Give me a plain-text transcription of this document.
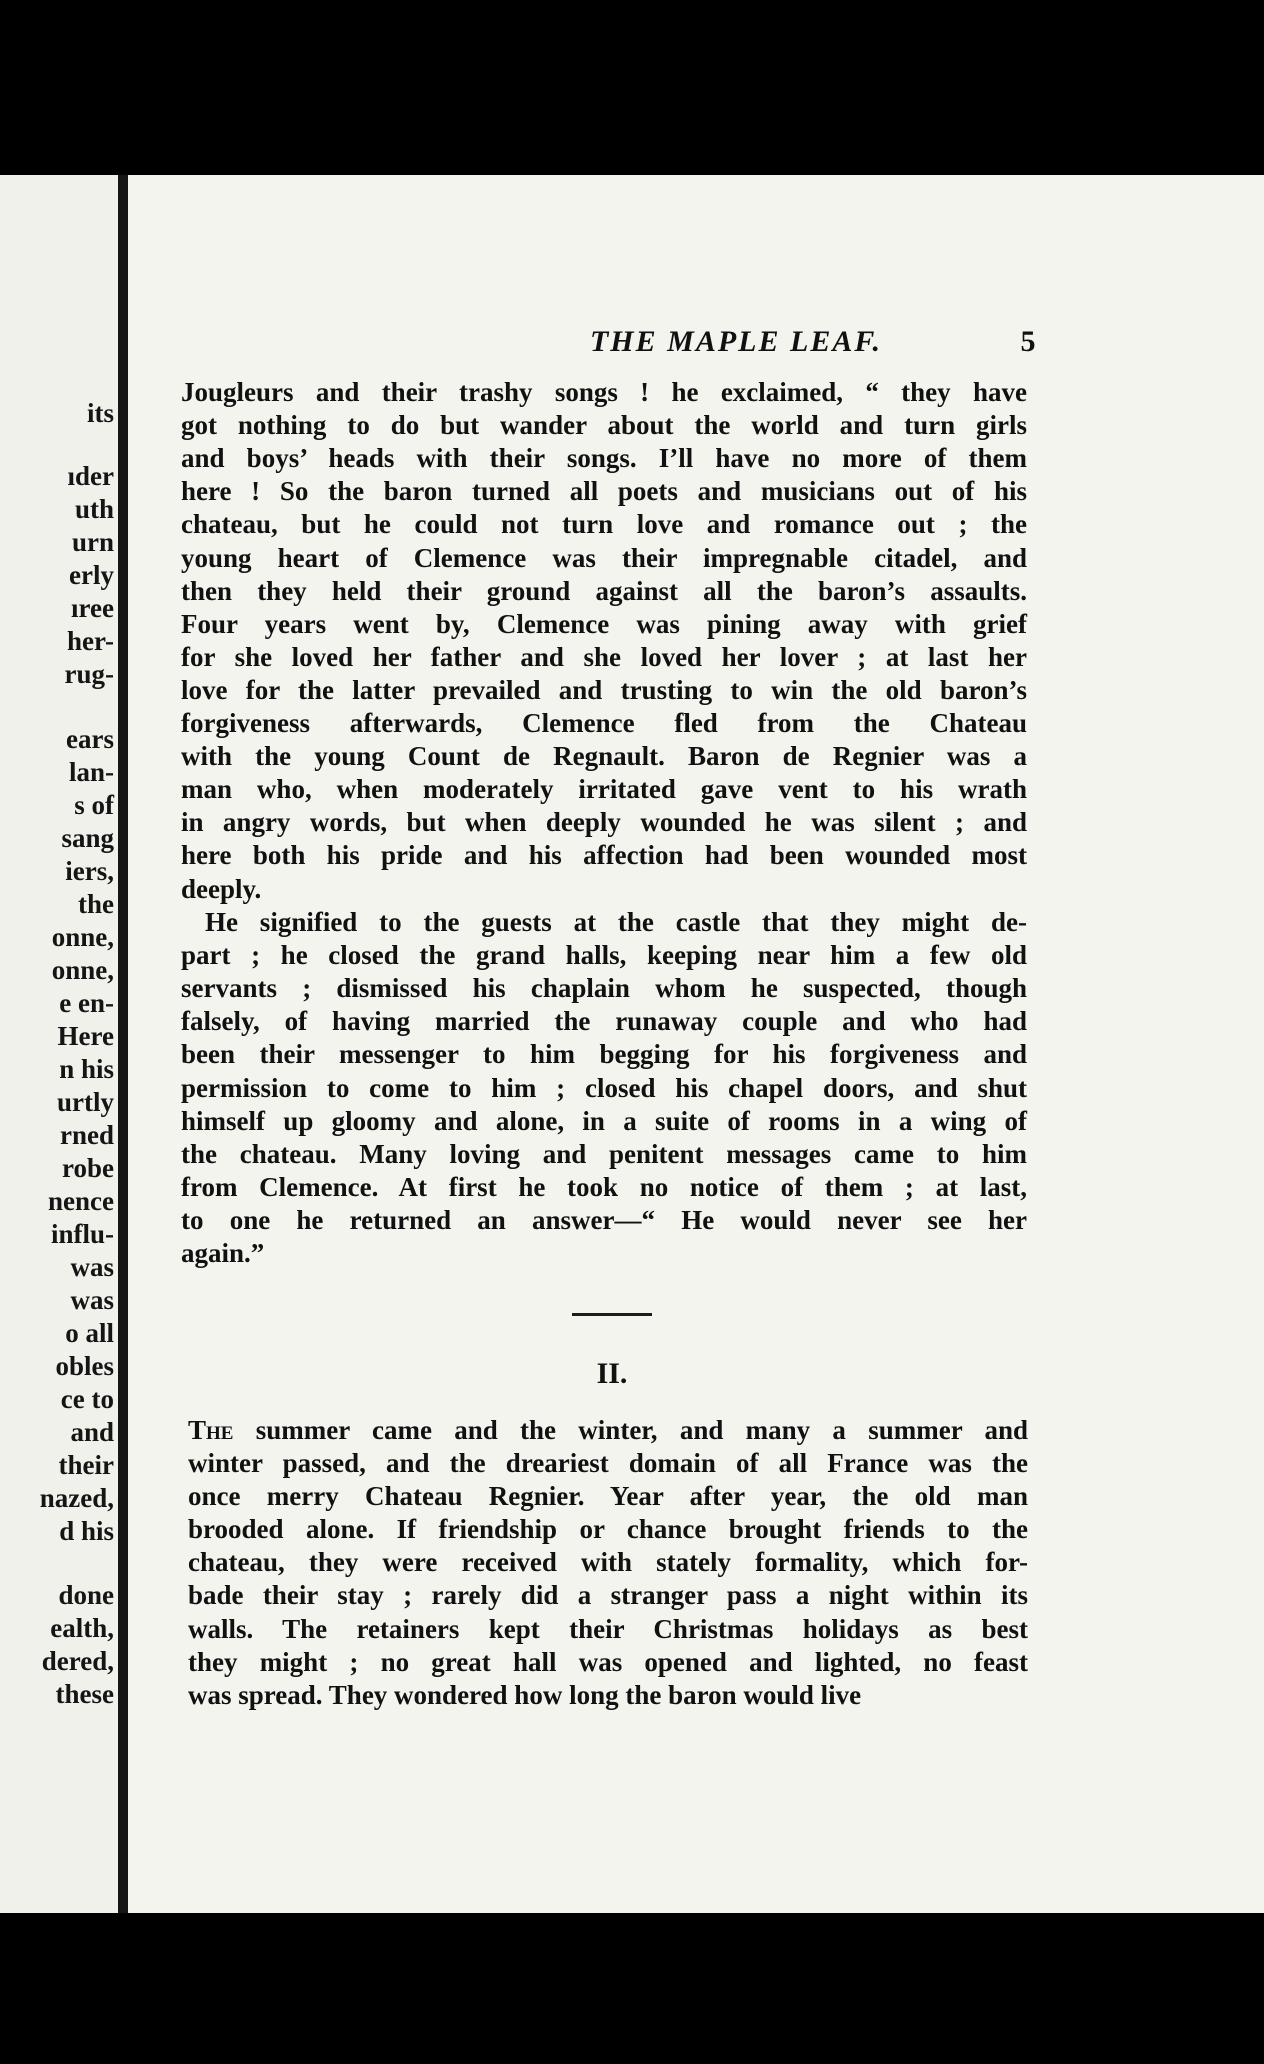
its
ıder
uth
urn
erly
ıree
her-
rug-
ears
lan-
s of
sang
iers,
the
onne,
onne,
e en-
Here
n his
urtly
rned
robe
nence
influ-
was
was
o all
obles
ce to
and
their
nazed,
d his
done
ealth,
dered,
these
THE MAPLE LEAF.	5
Jougleurs and their trashy songs ! he exclaimed, “ they have
got nothing to do but wander about the world and turn girls
and boys’ heads with their songs. I’ll have no more of them
here ! So the baron turned all poets and musicians out of his
chateau, but he could not turn love and romance out ; the
young heart of Clemence was their impregnable citadel, and
then they held their ground against all the baron’s assaults.
Four years went by, Clemence was pining away with grief
for she loved her father and she loved her lover ; at last her
love for the latter prevailed and trusting to win the old baron’s
forgiveness afterwards, Clemence fled from the Chateau
with the young Count de Regnault. Baron de Regnier was a
man who, when moderately irritated gave vent to his wrath
in angry words, but when deeply wounded he was silent ; and
here both his pride and his affection had been wounded most
deeply.
He signified to the guests at the castle that they might de-
part ; he closed the grand halls, keeping near him a few old
servants ; dismissed his chaplain whom he suspected, though
falsely, of having married the runaway couple and who had
been their messenger to him begging for his forgiveness and
permission to come to him ; closed his chapel doors, and shut
himself up gloomy and alone, in a suite of rooms in a wing of
the chateau. Many loving and penitent messages came to him
from Clemence. At first he took no notice of them ; at last,
to one he returned an answer—“ He would never see her
again.”
II.
The summer came and the winter, and many a summer and
winter passed, and the dreariest domain of all France was the
once merry Chateau Regnier. Year after year, the old man
brooded alone. If friendship or chance brought friends to the
chateau, they were received with stately formality, which for-
bade their stay ; rarely did a stranger pass a night within its
walls. The retainers kept their Christmas holidays as best
they might ; no great hall was opened and lighted, no feast
was spread. They wondered how long the baron would live
